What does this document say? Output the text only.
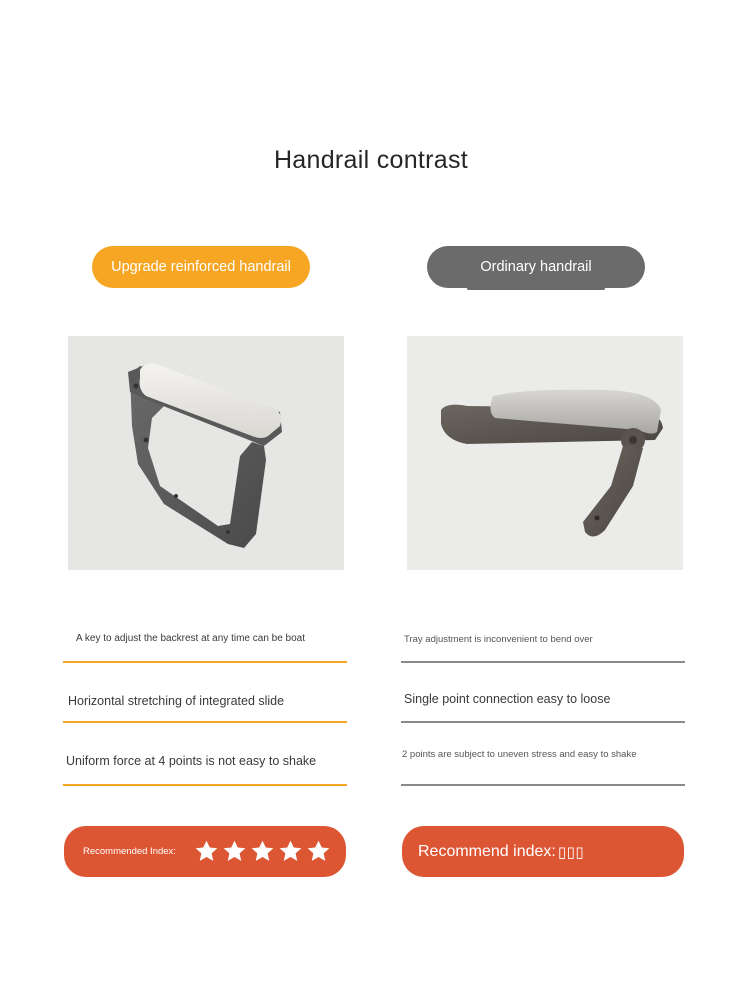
Handrail contrast
Upgrade reinforced handrail	Ordinary handrail
A key to adjust the backrest at any time can be boat
Horizontal stretching of integrated slide
Uniform force at 4 points is not easy to shake
Tray adjustment is inconvenient to bend over
Single point connection easy to loose
2 points are subject to uneven stress and easy to shake
Recommended Index:	Recommend index: ▯▯▯
